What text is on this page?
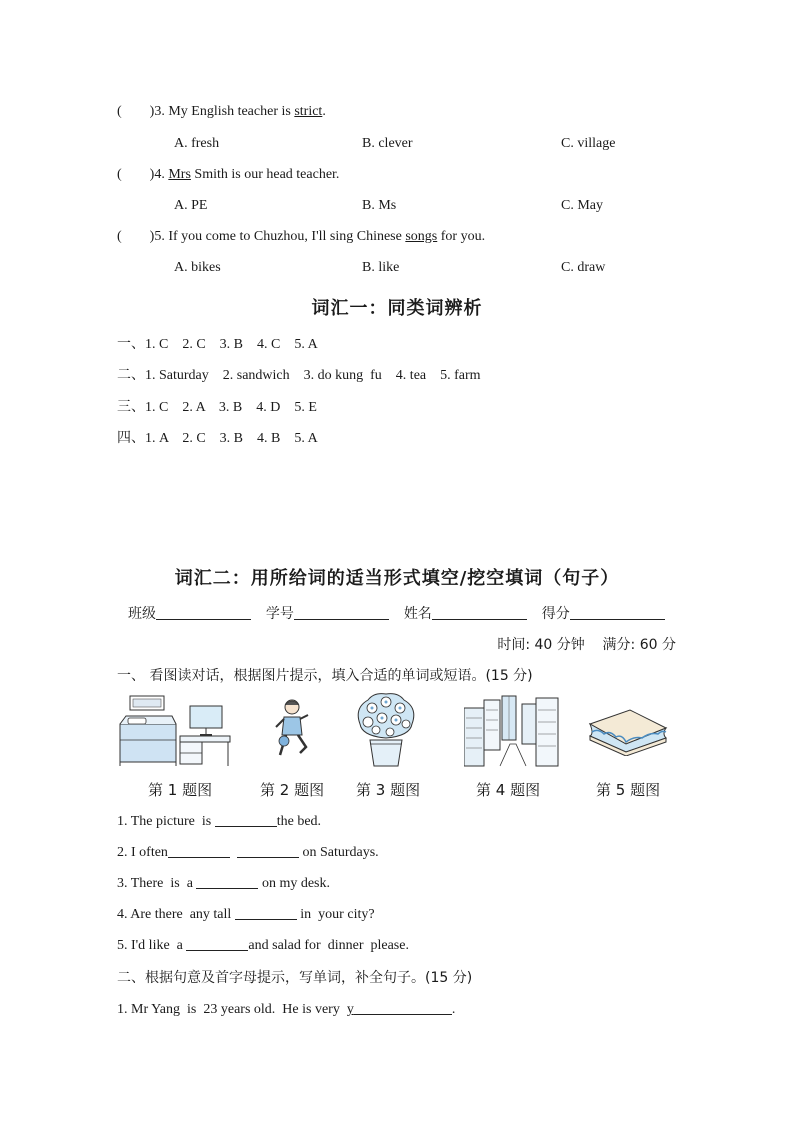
( )3. My English teacher is strict.
A. fresh	B. clever	C. village
( )4. Mrs Smith is our head teacher.
A. PE	B. Ms	C. May
( )5. If you come to Chuzhou, I'll sing Chinese songs for you.
A. bikes	B. like	C. draw
词汇一：同类词辨析
一、1. C    2. C    3. B    4. C    5. A
二、1. Saturday    2. sandwich    3. do kung  fu    4. tea    5. farm
三、1. C    2. A    3. B    4. D    5. E
四、1. A    2. C    3. B    4. B    5. A
词汇二：用所给词的适当形式填空/挖空填词（句子）
班级	学号	姓名	得分
时间: 40 分钟    满分: 60 分
一、 看图读对话，根据图片提示，填入合适的单词或短语。(15 分)
第 1 题图	第 2 题图 第 3 题图	第 4 题图	第 5 题图
1. The picture  is	the bed.
2. I often	on Saturdays.
3. There  is  a	on my desk.
4. Are there  any tall	in  your city?
5. I'd like  a	and salad for  dinner  please.
二、根据句意及首字母提示，写单词，补全句子。(15 分)
1. Mr Yang  is  23 years old.  He is very  y	.
